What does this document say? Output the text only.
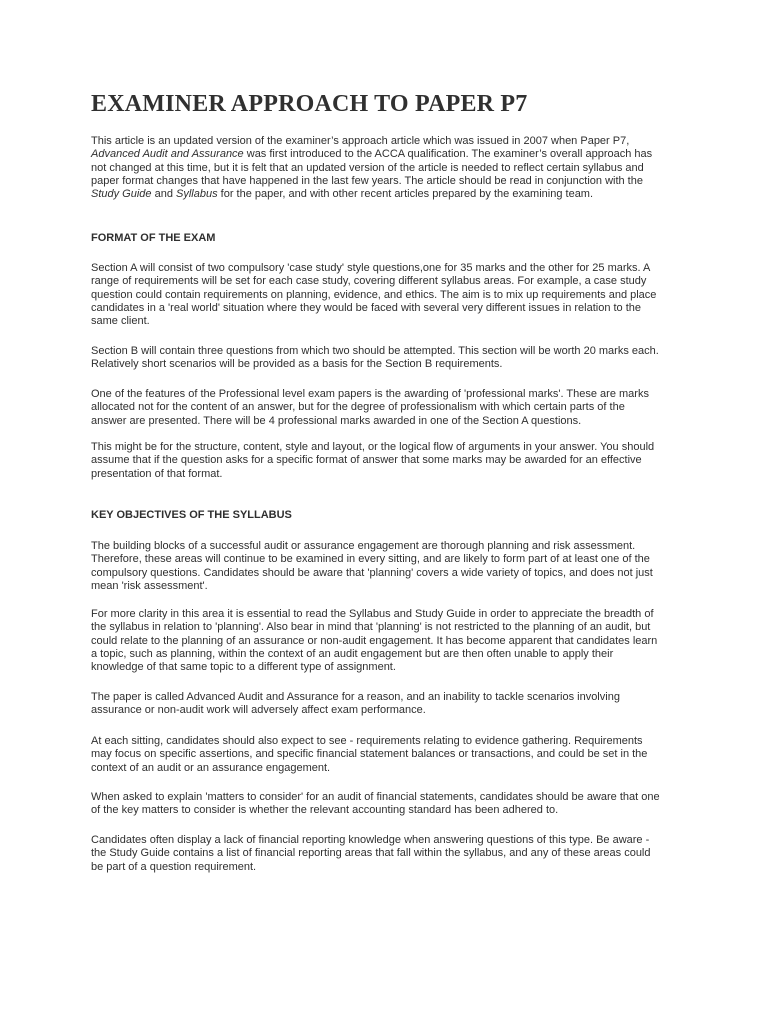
EXAMINER APPROACH TO PAPER P7

This article is an updated version of the examiner’s approach article which was issued in 2007 when Paper P7,
Advanced Audit and Assurance was first introduced to the ACCA qualification. The examiner’s overall approach has
not changed at this time, but it is felt that an updated version of the article is needed to reflect certain syllabus and
paper format changes that have happened in the last few years. The article should be read in conjunction with the
Study Guide and Syllabus for the paper, and with other recent articles prepared by the examining team.

FORMAT OF THE EXAM

Section A will consist of two compulsory 'case study' style questions,one for 35 marks and the other for 25 marks. A
range of requirements will be set for each case study, covering different syllabus areas. For example, a case study
question could contain requirements on planning, evidence, and ethics. The aim is to mix up requirements and place
candidates in a 'real world' situation where they would be faced with several very different issues in relation to the
same client.

Section B will contain three questions from which two should be attempted. This section will be worth 20 marks each.
Relatively short scenarios will be provided as a basis for the Section B requirements.

One of the features of the Professional level exam papers is the awarding of 'professional marks'. These are marks
allocated not for the content of an answer, but for the degree of professionalism with which certain parts of the
answer are presented. There will be 4 professional marks awarded in one of the Section A questions.

This might be for the structure, content, style and layout, or the logical flow of arguments in your answer. You should
assume that if the question asks for a specific format of answer that some marks may be awarded for an effective
presentation of that format.

KEY OBJECTIVES OF THE SYLLABUS

The building blocks of a successful audit or assurance engagement are thorough planning and risk assessment.
Therefore, these areas will continue to be examined in every sitting, and are likely to form part of at least one of the
compulsory questions. Candidates should be aware that 'planning' covers a wide variety of topics, and does not just
mean 'risk assessment'.

For more clarity in this area it is essential to read the Syllabus and Study Guide in order to appreciate the breadth of
the syllabus in relation to 'planning'. Also bear in mind that 'planning' is not restricted to the planning of an audit, but
could relate to the planning of an assurance or non-audit engagement. It has become apparent that candidates learn
a topic, such as planning, within the context of an audit engagement but are then often unable to apply their
knowledge of that same topic to a different type of assignment.

The paper is called Advanced Audit and Assurance for a reason, and an inability to tackle scenarios involving
assurance or non-audit work will adversely affect exam performance.

At each sitting, candidates should also expect to see - requirements relating to evidence gathering. Requirements
may focus on specific assertions, and specific financial statement balances or transactions, and could be set in the
context of an audit or an assurance engagement.

When asked to explain 'matters to consider' for an audit of financial statements, candidates should be aware that one
of the key matters to consider is whether the relevant accounting standard has been adhered to.

Candidates often display a lack of financial reporting knowledge when answering questions of this type. Be aware -
the Study Guide contains a list of financial reporting areas that fall within the syllabus, and any of these areas could
be part of a question requirement.
